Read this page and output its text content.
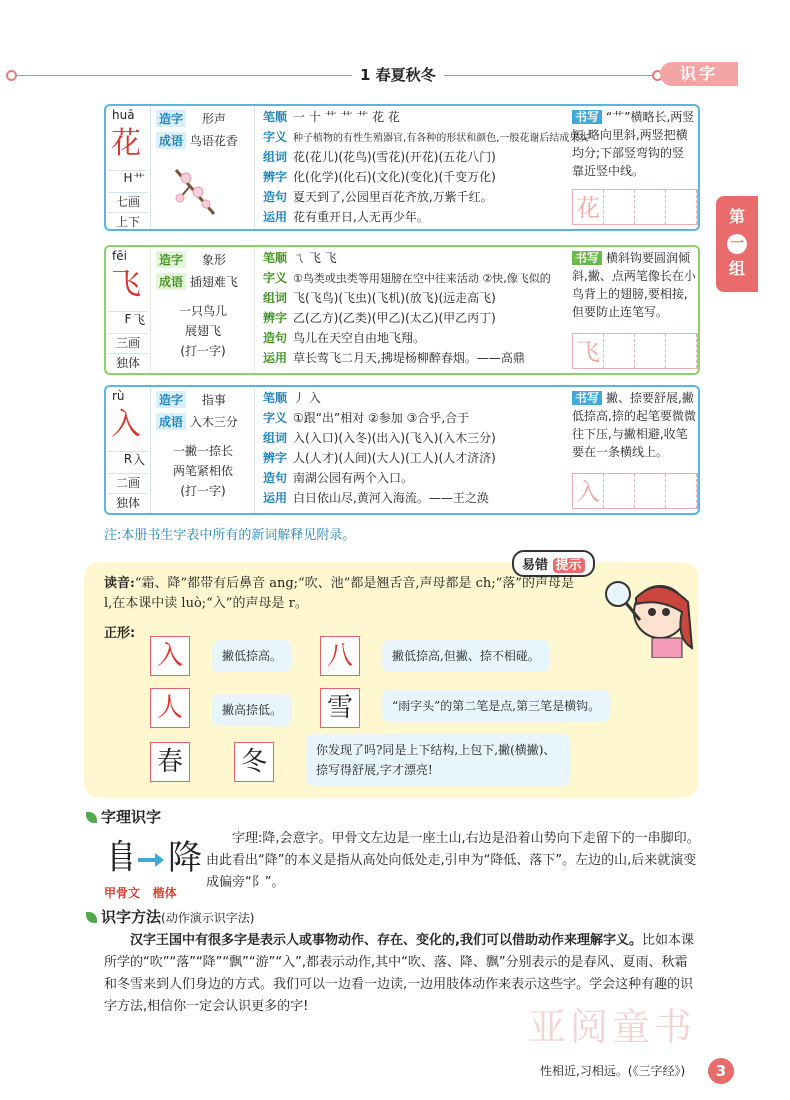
1 春夏秋冬	识字
第
一
组
huā
花
H 艹
七画
上下
造字 形声
成语 鸟语花香
笔顺 一 十 艹 艹 艹 花 花
字义 种子植物的有性生殖器官,有各种的形状和颜色,一般花谢后结成果实
组词 花(花儿)(花鸟)(雪花)(开花)(五花八门)
辨字 化(化学)(化石)(文化)(变化)(千变万化)
造句 夏天到了,公园里百花齐放,万紫千红。
运用 花有重开日,人无再少年。
书写 “艹”横略长,两竖短,略向里斜,两竖把横均分;下部竖弯钩的竖靠近竖中线。
花
fēi
飞
F 飞
三画
独体
造字 象形
成语 插翅难飞
一只鸟儿
展翅飞
(打一字)
笔顺 ㄟ 飞 飞
字义 ①鸟类或虫类等用翅膀在空中往来活动 ②快,像飞似的
组词 飞(飞鸟)(飞虫)(飞机)(放飞)(远走高飞)
辨字 乙(乙方)(乙类)(甲乙)(太乙)(甲乙丙丁)
造句 鸟儿在天空自由地飞翔。
运用 草长莺飞二月天,拂堤杨柳醉春烟。——高鼎
书写 横斜钩要圆润倾斜,撇、点两笔像长在小鸟背上的翅膀,要相接,但要防止连笔写。
飞
rù
入
R 入
二画
独体
造字 指事
成语 入木三分
一撇一捺长
两笔紧相依
(打一字)
笔顺 丿 入
字义 ①跟“出”相对 ②参加 ③合乎,合于
组词 入(入口)(入冬)(出入)(飞入)(入木三分)
辨字 人(人才)(人间)(大人)(工人)(人才济济)
造句 南湖公园有两个入口。
运用 白日依山尽,黄河入海流。——王之涣
书写 撇、捺要舒展,撇低捺高,捺的起笔要微微往下压,与撇相避,收笔要在一条横线上。
入
注:本册书生字表中所有的新词解释见附录。
易错 提示
读音:“霜、降”都带有后鼻音 ang;“吹、池”都是翘舌音,声母都是 ch;“落”的声母是 l,在本课中读 luò;“入”的声母是 r。
正形:
入	撇低捺高。	八	撇低捺高,但撇、捺不相碰。
人	撇高捺低。	雪	“雨字头”的第二笔是点,第三笔是横钩。
春 冬	你发现了吗?同是上下结构,上包下,撇(横撇)、捺写得舒展,字才漂亮!
字理识字
𨸏 降
甲骨文 楷体
字理:降,会意字。甲骨文左边是一座土山,右边是沿着山势向下走留下的一串脚印。由此看出“降”的本义是指从高处向低处走,引申为“降低、落下”。左边的山,后来就演变成偏旁“阝”。
识字方法(动作演示识字法)
汉字王国中有很多字是表示人或事物动作、存在、变化的,我们可以借助动作来理解字义。比如本课所学的“吹”“落”“降”“飘”“游”“入”,都表示动作,其中“吹、落、降、飘”分别表示的是春风、夏雨、秋霜和冬雪来到人们身边的方式。我们可以一边看一边读,一边用肢体动作来表示这些字。学会这种有趣的识字方法,相信你一定会认识更多的字!	亚阅童书
性相近,习相远。(《三字经》)	3
